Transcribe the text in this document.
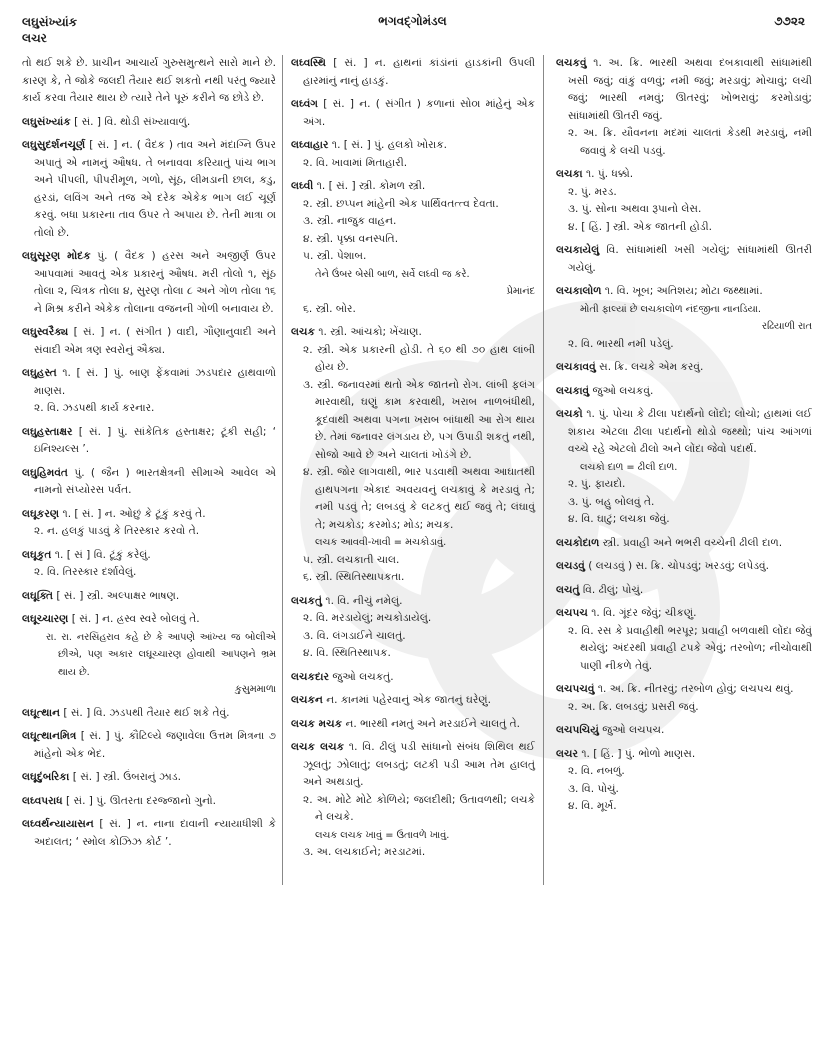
લઘુસંખ્યાંક
લચર
ભગવદ્ગોમંડલ	૭૭૨૨

તો થઈ શકે છે. પ્રાચીન આચાર્ય ગુરુસમુત્થને સારો માને છે. કારણ કે, તે જોકે જલદી તૈયાર થઈ શકતો નથી પરંતુ જ્યારે કાર્ય કરવા તૈયાર થાય છે ત્યારે તેને પૂરું કરીને જ છોડે છે.

લઘુસંખ્યાંક [ સં. ] વિ. થોડી સંખ્યાવાળું.
લઘુસુદર્શનચૂર્ણ [ સં. ] ન. ( વૈદક ) તાવ અને મંદાગ્નિ ઉપર અપાતું એ નામનું ઔષધ. તે બનાવવા કરિયાતું પાંચ ભાગ અને પીપલી, પીપરીમૂળ, ગળો, સૂંઠ, લીમડાની છાલ, કડુ, હરડાં, લવિંગ અને તજ એ દરેક એકેક ભાગ લઈ ચૂર્ણ કરવું. બધા પ્રકારના તાવ ઉપર તે અપાય છે. તેની માત્રા ૦ા તોલો છે.
લઘુસૂરણ મોદક પું. ( વૈદક ) હરસ અને અજીર્ણ ઉપર આપવામાં આવતું એક પ્રકારનું ઔષધ. મરી તોલો ૧, સૂંઠ તોલા ૨, ચિત્રક તોલા ૪, સુરણ તોલા ૮ અને ગોળ તોલા ૧૬ ને મિશ્ર કરીને એકેક તોલાના વજનની ગોળી બનાવાય છે.
લઘુસ્વરૈક્ય [ સં. ] ન. ( સંગીત ) વાદી, ગૌણાનુવાદી અને સંવાદી એમ ત્રણ સ્વરોનું ઐક્ય.
લઘુહસ્ત ૧. [ સં. ] પું. બાણ ફેંકવામાં ઝડપદાર હાથવાળો માણસ.
૨. વિ. ઝડપથી કાર્ય કરનાર.
લઘુહસ્તાક્ષર [ સં. ] પું. સાંકેતિક હસ્તાક્ષર; ટૂંકી સહી; ‘ ઇનિશ્યલ્સ ’.
લઘુહિમવંત પું. ( જૈન ) ભારતક્ષેત્રની સીમાએ આવેલ એ નામનો સંપ્યોરસ પર્વત.
લઘૂકરણ ૧. [ સં. ] ન. ઓછું કે ટૂંકું કરવું તે.
૨. ન. હલકું પાડવું કે તિરસ્કાર કરવો તે.
લઘૂકૃત ૧. [ સં ] વિ. ટૂંકું કરેલું.
૨. વિ. તિરસ્કાર દર્શાવેલું.
લઘૂક્તિ [ સં. ] સ્ત્રી. અલ્પાક્ષર ભાષણ.
લઘૂચ્ચારણ [ સં. ] ન. હ્રસ્વ સ્વરે બોલવું તે.
રા. રા. નરસિંહરાવ કહે છે કે આપણે આંખ્ય જ બોલીએ છીએ, પણ અકાર લઘૂચ્ચારણ હોવાથી આપણને ભ્રમ થાય છે.
કુસુમમાળા
લઘૂત્થાન [ સં. ] વિ. ઝડપથી તૈયાર થઈ શકે તેવું.
લઘૂત્થાનમિત્ર [ સં. ] પું. કૌટિલ્યે જણાવેલા ઉત્તમ મિત્રના ૭ માંહેનો એક ભેદ.
લઘૂદુંબરિકા [ સં. ] સ્ત્રી. ઉંબરાનું ઝાડ.
લઘ્વપરાધ [ સં. ] પું. ઊતરતા દરજ્જાનો ગુનો.
લઘ્વર્થન્યાયાસન [ સં. ] ન. નાના દાવાની ન્યાયાધીશી કે અદાલત; ‘ સ્મોલ કોઝિઝ કોર્ટ ’.
લઘ્વસ્થિ [ સં. ] ન. હાથનાં કાંડાંનાં હાડકાંની ઉપલી હારમાંનું નાનું હાડકું.
લઘ્વંગ [ સં. ] ન. ( સંગીત ) કળાનાં સો૦ા માંહેનું એક અંગ.
લઘ્વાહાર ૧. [ સં. ] પું. હલકો ખોરાક.
૨. વિ. ખાવામાં મિતાહારી.
લઘ્વી ૧. [ સં. ] સ્ત્રી. કોમળ સ્ત્રી.
૨. સ્ત્રી. છપ્પન માંહેની એક પાર્થિવતત્ત્વ દેવતા.
૩. સ્ત્રી. નાજુક વાહન.
૪. સ્ત્રી. પૃક્કા વનસ્પતિ.
૫. સ્ત્રી. પેશાબ.
તેને ઉંબર બેસી બાળ, સર્વે લઘ્વી જ કરે.
પ્રેમાનંદ
૬. સ્ત્રી. બોર.
લચક ૧. સ્ત્રી. આંચકો; ખેંચાણ.
૨. સ્ત્રી. એક પ્રકારની હોડી. તે ૬૦ થી ૭૦ હાથ લાંબી હોય છે.
૩. સ્ત્રી. જનાવરમાં થતો એક જાતનો રોગ. લાંબી ફલંગ મારવાથી, ઘણું કામ કરવાથી, ખરાબ નાળબંધીથી, કૂદવાથી અથવા પગના ખરાબ બાંધાથી આ રોગ થાય છે. તેમાં જનાવર લંગડાય છે, પગ ઉપાડી શકતું નથી, સોજો આવે છે અને ચાલતાં ખોડંગે છે.
૪. સ્ત્રી. જોર લાગવાથી, ભાર પડવાથી અથવા આઘાતથી હાથપગના એકાદ અવયવનું લચકાવું કે મરડાવું તે; નમી પડવું તે; લબડવું કે લટકતું થઈ જવું તે; લંઘાવું તે; મચકોડ; કરમોડ; મોડ; મચક.
લચક આવવી-ખાવી = મચકોડાવું.
૫. સ્ત્રી. લચકાતી ચાલ.
૬. સ્ત્રી. સ્થિતિસ્થાપકતા.
લચકતું ૧. વિ. નીચું નમેલું.
૨. વિ. મરડાયેલું; મચકોડાયેલું.
૩. વિ. લંગડાઈને ચાલતું.
૪. વિ. સ્થિતિસ્થાપક.
લચકદાર જુઓ લચકતું.
લચકન ન. કાનમાં પહેરવાનું એક જાતનું ઘરેણું.
લચક મચક ન. ભારથી નમતું અને મરડાઈને ચાલતું તે.
લચક લચક ૧. વિ. ઢીલું પડી સાંધાનો સંબંધ શિથિલ થઈ ઝૂલતું; ઝોલાતું; લબડતું; લટકી પડી આમ તેમ હાલતું અને અથડાતું.
૨. અ. મોટે મોટે કોળિયે; જલદીથી; ઉતાવળથી; લચકે ને લચકે.
લચક લચક ખાવું = ઉતાવળે ખાવું.
૩. અ. લચકાઈને; મરડાટમાં.
લચકવું ૧. અ. ક્રિ. ભારથી અથવા દબકાવાથી સાંધામાંથી ખસી જવું; વાંકું વળવું; નમી જવું; મરડાવું; મોચાવું; લચી જવું; ભારથી નમવું; ઊતરવું; ખોભરાવું; કરમોડાવું; સાંધામાંથી ઊતરી જવું.
૨. અ. ક્રિ. યૌવનના મદમાં ચાલતાં કેડથી મરડાવું, નમી જવાવું કે લચી પડવું.
લચકા ૧. પું. ધક્કો.
૨. પું. મરડ.
૩. પું. સોના અથવા રૂપાનો લેસ.
૪. [ હિં. ] સ્ત્રી. એક જાતની હોડી.
લચકાયેલું વિ. સાંધામાંથી ખસી ગયેલું; સાંધામાંથી ઊતરી ગયેલું.
લચકાલોળ ૧. વિ. ખૂબ; અતિશય; મોટા જથ્થામાં.
મોતી ફાલ્યાં છે લચકાલોળ નંદજીના નાનડિયા.
રઢિયાળી રાત
૨. વિ. ભારથી નમી પડેલું.
લચકાવવું સ. ક્રિ. લચકે એમ કરવું.
લચકાવું જુઓ લચકવું.
લચકો ૧. પું. પોચા કે ઢીલા પદાર્થનો લોંદો; લોચો; હાથમાં લઈ શકાય એટલા ઢીલા પદાર્થનો થોડો જથ્થો; પાંચ આંગળાં વચ્ચે રહે એટલો ઢીલો અને લોંદા જેવો પદાર્થ.
લચકો દાળ = ઢીલી દાળ.
૨. પું. ફાયદો.
૩. પું. બહુ બોલવું તે.
૪. વિ. ઘાટું; લચકા જેવું.
લચકોદાળ સ્ત્રી. પ્રવાહી અને ભભરી વચ્ચેની ઢીલી દાળ.
લચડવું ( લચડવું ) સ. ક્રિ. ચોપડવું; ખરડવું; લપેડવું.
લચતું વિ. ઢીલું; પોચું.
લચપચ ૧. વિ. ગૂંદર જેવું; ચીકણું.
૨. વિ. રસ કે પ્રવાહીથી ભરપૂર; પ્રવાહી બળવાથી લોંદા જેવું થયેલું; અંદરથી પ્રવાહી ટપકે એવું; તરબોળ; નીચોવાથી પાણી નીકળે તેવું.
લચપચવું ૧. અ. ક્રિ. નીતરવું; તરબોળ હોવું; લચપચ થવું.
૨. અ. ક્રિ. લબડવું; પ્રસરી જવું.
લચપચિયું જુઓ લચપચ.
લચર ૧. [ હિં. ] પું. ભોળો માણસ.
૨. વિ. નબળું.
૩. વિ. પોચું.
૪. વિ. મૂર્ખ.
